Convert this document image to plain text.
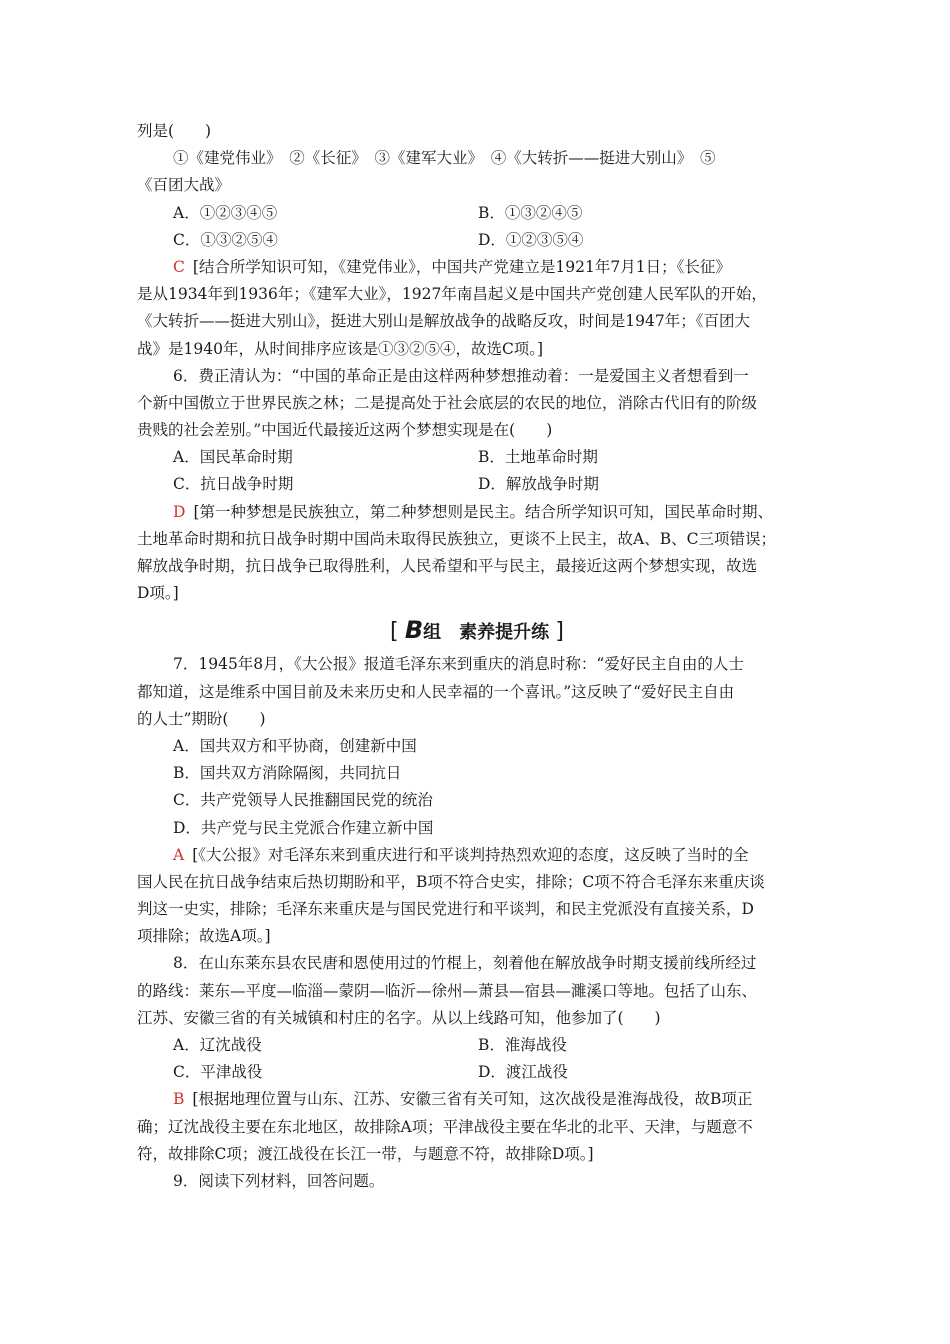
列是(　　)
①《建党伟业》　②《长征》　③《建军大业》　④《大转折——挺进大别山》　⑤
《百团大战》
A．①②③④⑤	B．①③②④⑤
C．①③②⑤④	D．①②③⑤④
C [结合所学知识可知，《建党伟业》，中国共产党建立是1921年7月1日；《长征》
是从1934年到1936年；《建军大业》，1927年南昌起义是中国共产党创建人民军队的开始，
《大转折——挺进大别山》，挺进大别山是解放战争的战略反攻，时间是1947年；《百团大
战》是1940年，从时间排序应该是①③②⑤④，故选C项。]
6．费正清认为：“中国的革命正是由这样两种梦想推动着：一是爱国主义者想看到一
个新中国傲立于世界民族之林；二是提高处于社会底层的农民的地位，消除古代旧有的阶级
贵贱的社会差别。”中国近代最接近这两个梦想实现是在(　　)
A．国民革命时期	B．土地革命时期
C．抗日战争时期	D．解放战争时期
D [第一种梦想是民族独立，第二种梦想则是民主。结合所学知识可知，国民革命时期、
土地革命时期和抗日战争时期中国尚未取得民族独立，更谈不上民主，故A、B、C三项错误；
解放战争时期，抗日战争已取得胜利，人民希望和平与民主，最接近这两个梦想实现，故选
D项。]
[ B组　素养提升练 ]
7．1945年8月，《大公报》报道毛泽东来到重庆的消息时称：“爱好民主自由的人士
都知道，这是维系中国目前及未来历史和人民幸福的一个喜讯。”这反映了“爱好民主自由
的人士”期盼(　　)
A．国共双方和平协商，创建新中国
B．国共双方消除隔阂，共同抗日
C．共产党领导人民推翻国民党的统治
D．共产党与民主党派合作建立新中国
A [《大公报》对毛泽东来到重庆进行和平谈判持热烈欢迎的态度，这反映了当时的全
国人民在抗日战争结束后热切期盼和平，B项不符合史实，排除；C项不符合毛泽东来重庆谈
判这一史实，排除；毛泽东来重庆是与国民党进行和平谈判，和民主党派没有直接关系，D
项排除；故选A项。]
8．在山东莱东县农民唐和恩使用过的竹棍上，刻着他在解放战争时期支援前线所经过
的路线：莱东—平度—临淄—蒙阴—临沂—徐州—萧县—宿县—濉溪口等地。包括了山东、
江苏、安徽三省的有关城镇和村庄的名字。从以上线路可知，他参加了(　　)
A．辽沈战役	B．淮海战役
C．平津战役	D．渡江战役
B [根据地理位置与山东、江苏、安徽三省有关可知，这次战役是淮海战役，故B项正
确；辽沈战役主要在东北地区，故排除A项；平津战役主要在华北的北平、天津，与题意不
符，故排除C项；渡江战役在长江一带，与题意不符，故排除D项。]
9．阅读下列材料，回答问题。
